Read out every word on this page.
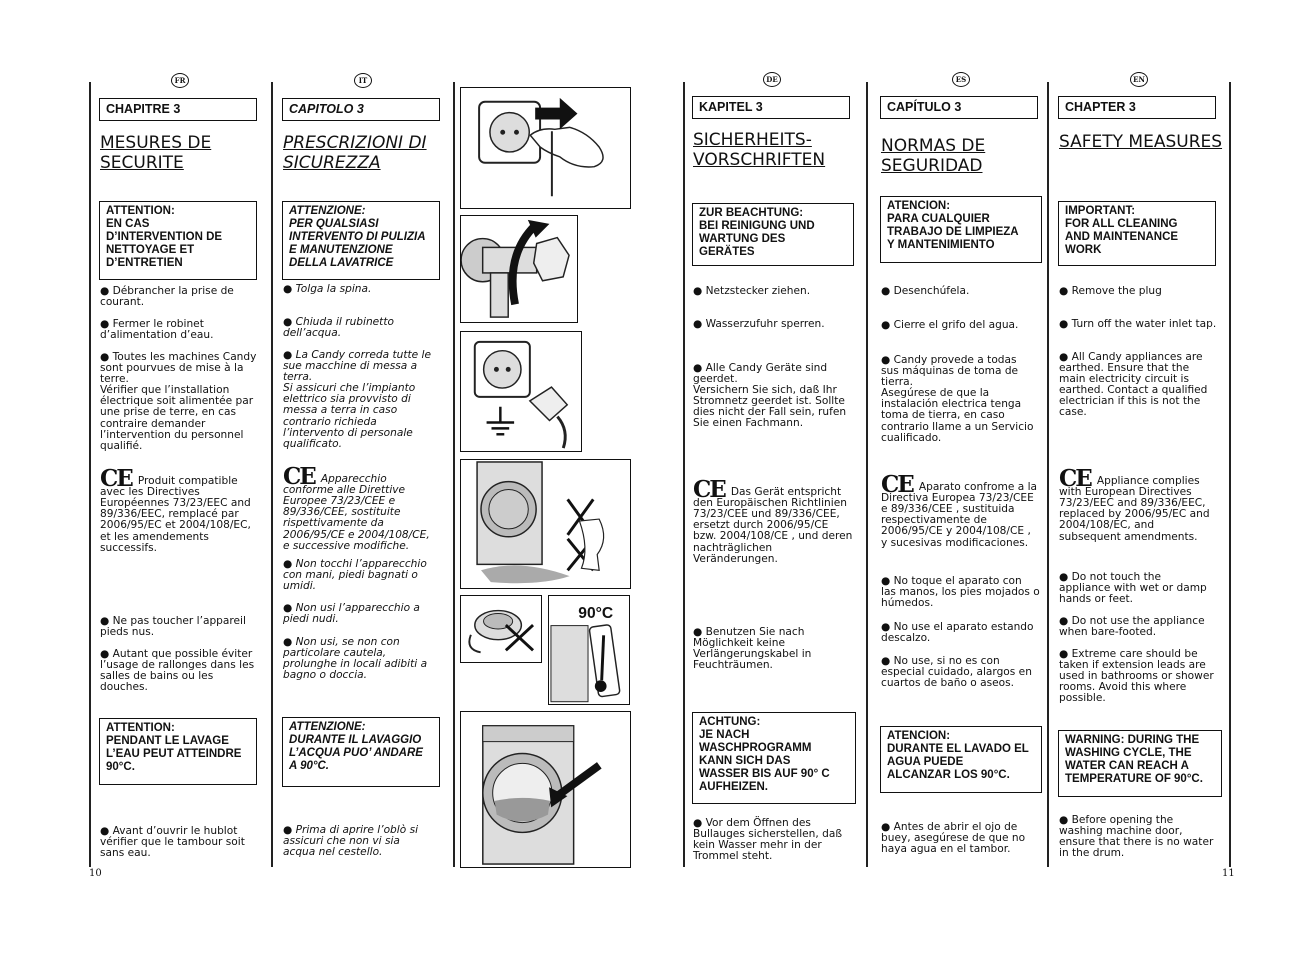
FR
CHAPITRE 3
MESURES DE
SECURITE
ATTENTION:
EN CAS
D’INTERVENTION DE
NETTOYAGE ET
D’ENTRETIEN
● Débrancher la prise de
courant.
● Fermer le robinet
d’alimentation d’eau.
● Toutes les machines Candy
sont pourvues de mise à la
terre.
Vérifier que l’installation
électrique soit alimentée par
une prise de terre, en cas
contraire demander
l’intervention du personnel
qualifié.

CE Produit compatible
avec les Directives
Européennes 73/23/EEC and
89/336/EEC, remplacé par
2006/95/EC et 2004/108/EC,
et les amendements
successifs.

● Ne pas toucher l’appareil
pieds nus.
● Autant que possible éviter
l’usage de rallonges dans les
salles de bains ou les
douches.
ATTENTION:
PENDANT LE LAVAGE
L’EAU PEUT ATTEINDRE
90°C.
● Avant d’ouvrir le hublot
vérifier que le tambour soit
sans eau.
10
IT
CAPITOLO 3
PRESCRIZIONI DI
SICUREZZA
ATTENZIONE:
PER QUALSIASI
INTERVENTO DI PULIZIA
E MANUTENZIONE
DELLA LAVATRICE
● Tolga la spina.
● Chiuda il rubinetto
dell’acqua.
● La Candy correda tutte le
sue macchine di messa a
terra.
Si assicuri che l’impianto
elettrico sia provvisto di
messa a terra in caso
contrario richieda
l’intervento di personale
qualificato.

CE Apparecchio
conforme alle Direttive
Europee 73/23/CEE e
89/336/CEE, sostituite
rispettivamente da
2006/95/CE e 2004/108/CE,
e successive modifiche.

● Non tocchi l’apparecchio
con mani, piedi bagnati o
umidi.
● Non usi l’apparecchio a
piedi nudi.
● Non usi, se non con
particolare cautela,
prolunghe in locali adibiti a
bagno o doccia.
ATTENZIONE:
DURANTE IL LAVAGGIO
L’ACQUA PUO’ ANDARE
A 90°C.
● Prima di aprire l’oblò si
assicuri che non vi sia
acqua nel cestello.
90°C
DE
KAPITEL 3
SICHERHEITS-
VORSCHRIFTEN
ZUR BEACHTUNG:
BEI REINIGUNG UND
WARTUNG DES
GERÄTES
● Netzstecker ziehen.
● Wasserzufuhr sperren.
● Alle Candy Geräte sind
geerdet.
Versichern Sie sich, daß Ihr
Stromnetz geerdet ist. Sollte
dies nicht der Fall sein, rufen
Sie einen Fachmann.

CE Das Gerät entspricht
den Europäischen Richtlinien
73/23/CEE und 89/336/CEE,
ersetzt durch 2006/95/CE
bzw. 2004/108/CE , und deren
nachträglichen
Veränderungen.

● Benutzen Sie nach
Möglichkeit keine
Verlängerungskabel in
Feuchträumen.
ACHTUNG:
JE NACH
WASCHPROGRAMM
KANN SICH DAS
WASSER BIS AUF 90° C
AUFHEIZEN.
● Vor dem Öffnen des
Bullauges sicherstellen, daß
kein Wasser mehr in der
Trommel steht.
ES
CAPÍTULO 3
NORMAS DE
SEGURIDAD
ATENCION:
PARA CUALQUIER
TRABAJO DE LIMPIEZA
Y MANTENIMIENTO
● Desenchúfela.
● Cierre el grifo del agua.
● Candy provede a todas
sus máquinas de toma de
tierra.
Asegúrese de que la
instalación electrica tenga
toma de tierra, en caso
contrario llame a un Servicio
cualificado.

CE Aparato confrome a la
Directiva Europea 73/23/CEE
e 89/336/CEE , sustituida
respectivamente de
2006/95/CE y 2004/108/CE ,
y sucesivas modificaciones.

● No toque el aparato con
las manos, los pies mojados o
húmedos.
● No use el aparato estando
descalzo.
● No use, si no es con
especial cuidado, alargos en
cuartos de baño o aseos.
ATENCION:
DURANTE EL LAVADO EL
AGUA PUEDE
ALCANZAR LOS 90°C.
● Antes de abrir el ojo de
buey, asegúrese de que no
haya agua en el tambor.
EN
CHAPTER 3
SAFETY MEASURES
IMPORTANT:
FOR ALL CLEANING
AND MAINTENANCE
WORK
● Remove the plug
● Turn off the water inlet tap.
● All Candy appliances are
earthed. Ensure that the
main electricity circuit is
earthed. Contact a qualified
electrician if this is not the
case.

CE Appliance complies
with European Directives
73/23/EEC and 89/336/EEC,
replaced by 2006/95/EC and
2004/108/EC, and
subsequent amendments.

● Do not touch the
appliance with wet or damp
hands or feet.
● Do not use the appliance
when bare-footed.
● Extreme care should be
taken if extension leads are
used in bathrooms or shower
rooms. Avoid this where
possible.
WARNING: DURING THE
WASHING CYCLE, THE
WATER CAN REACH A
TEMPERATURE OF 90°C.
● Before opening the
washing machine door,
ensure that there is no water
in the drum.
11
